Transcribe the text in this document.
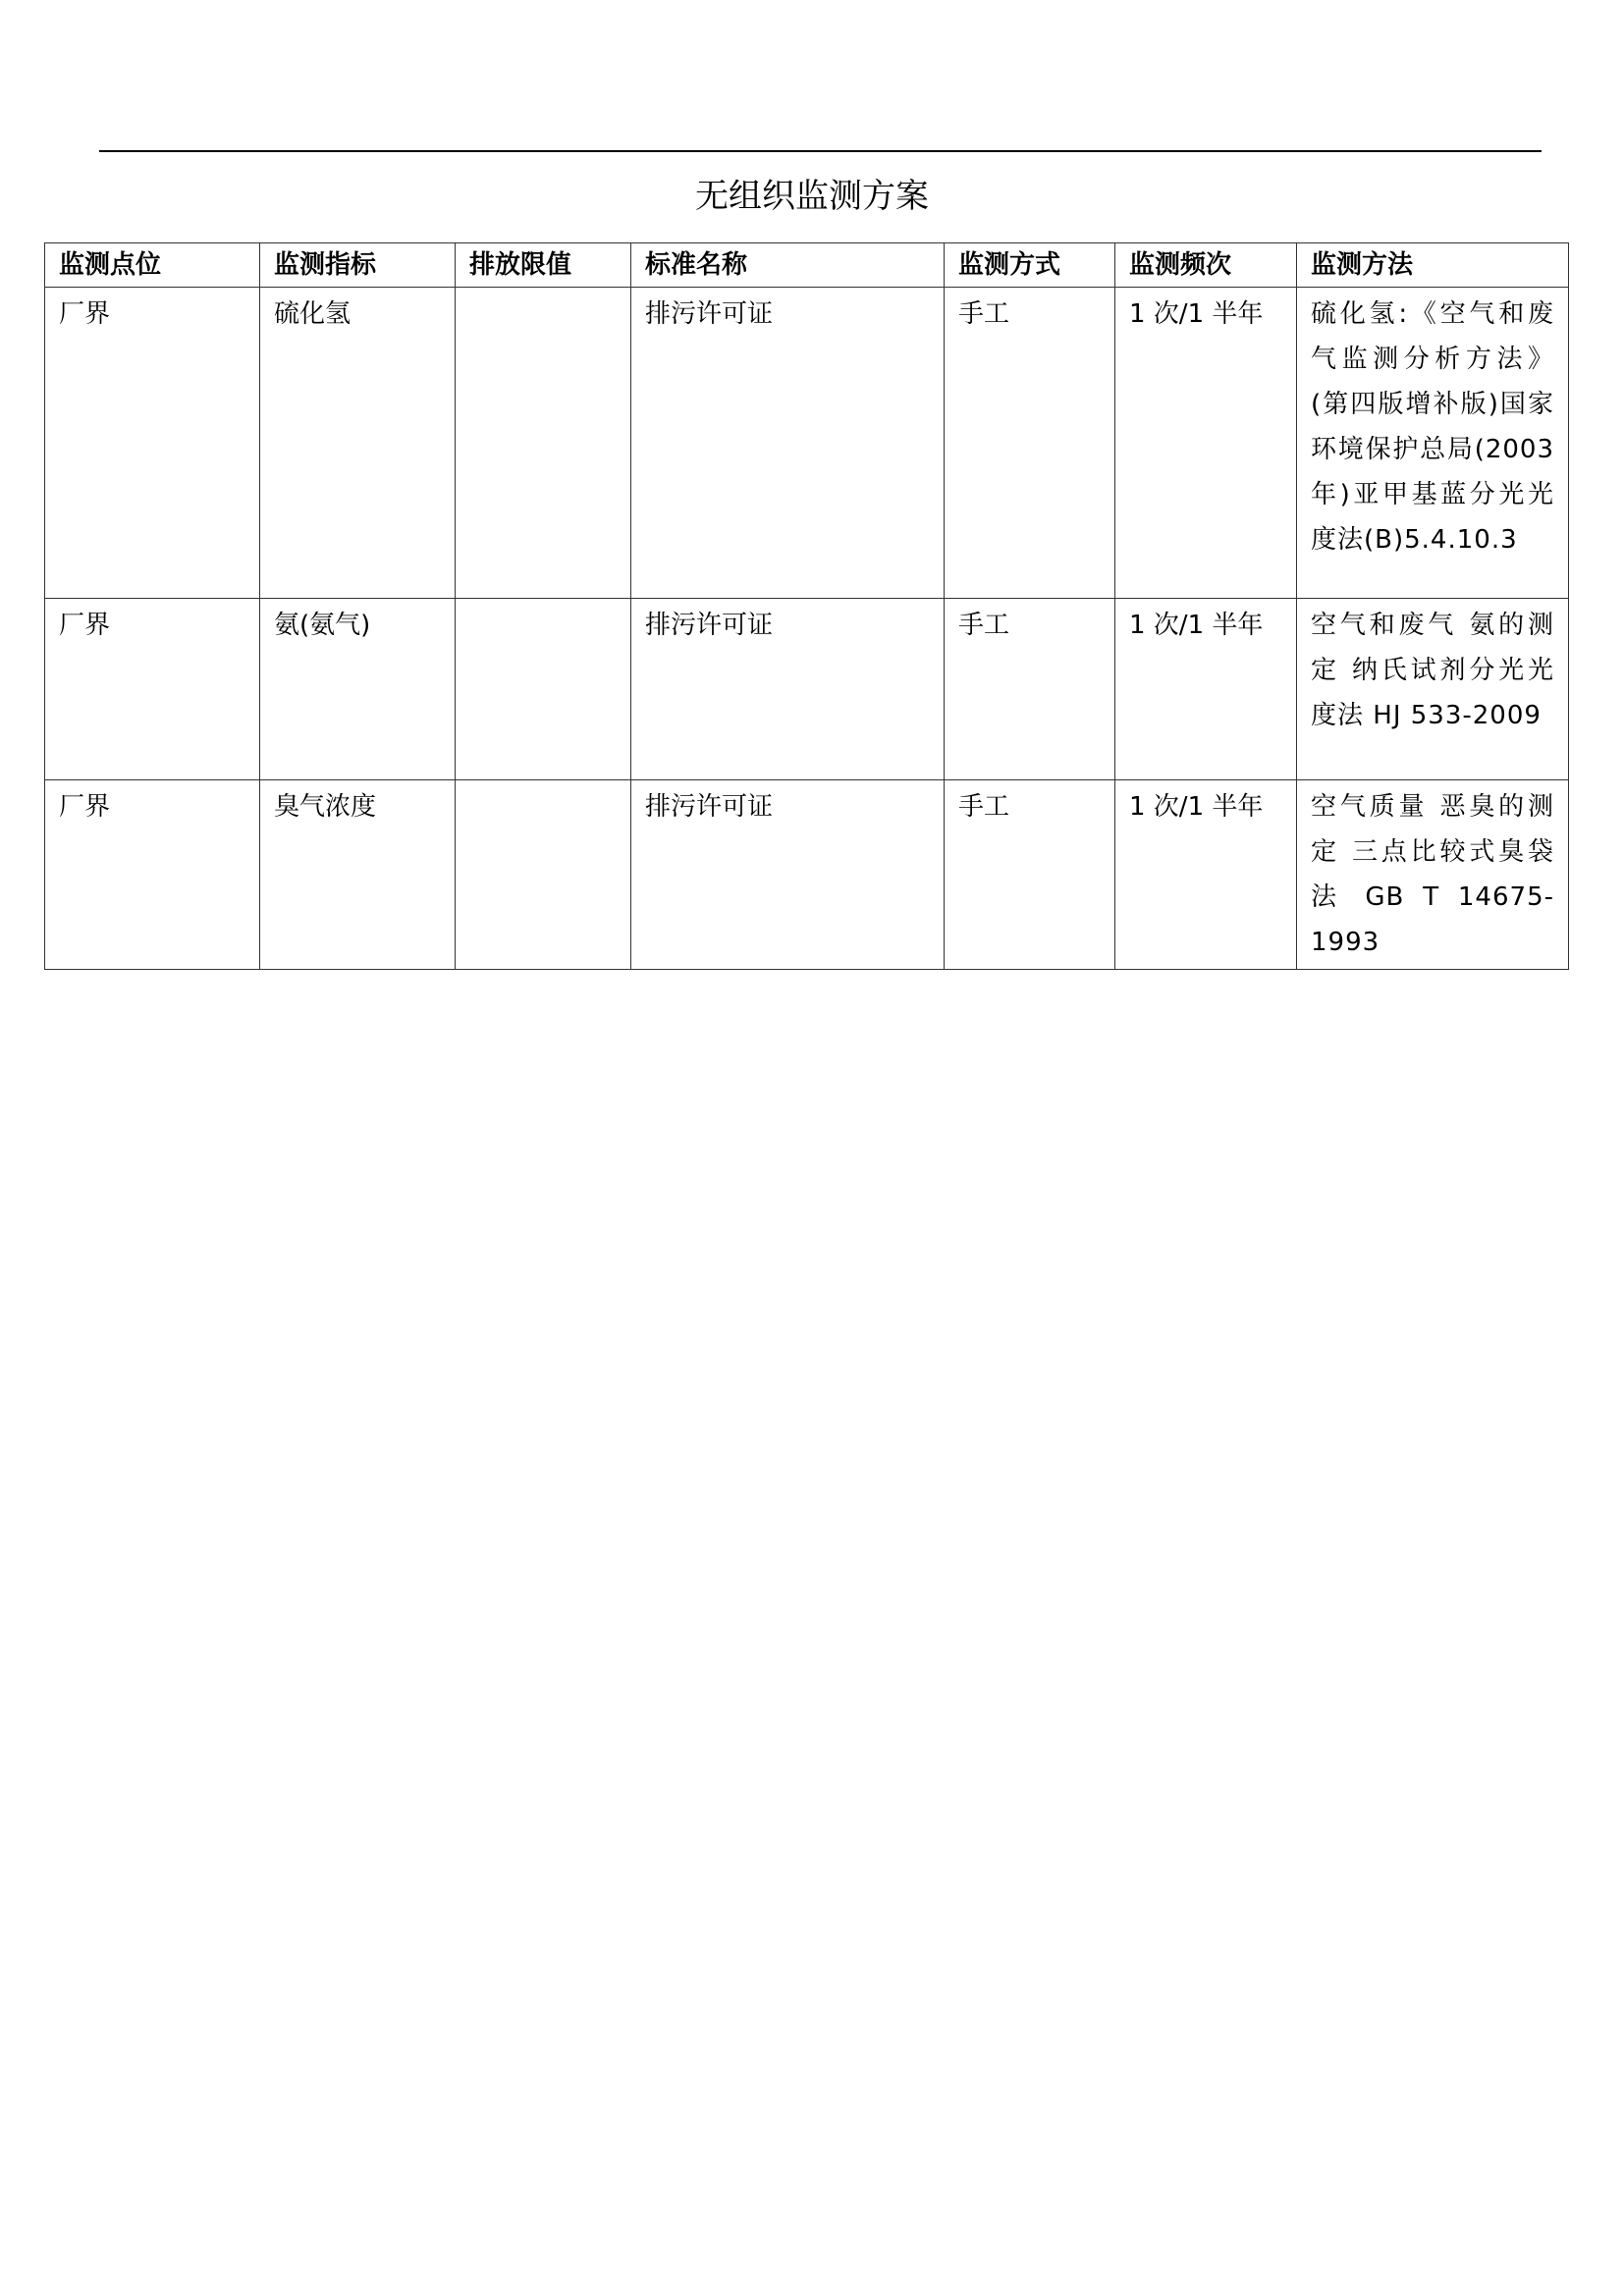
无组织监测方案
监测点位	监测指标	排放限值	标准名称	监测方式	监测频次	监测方法
厂界	硫化氢		排污许可证	手工	1 次/1 半年	硫化氢:《空气和废气监测分析方法》(第四版增补版)国家环境保护总局(2003 年)亚甲基蓝分光光度法(B)5.4.10.3
厂界	氨(氨气)		排污许可证	手工	1 次/1 半年	空气和废气 氨的测定 纳氏试剂分光光度法 HJ 533-2009
厂界	臭气浓度		排污许可证	手工	1 次/1 半年	空气质量 恶臭的测定 三点比较式臭袋法 GB T 14675-1993
